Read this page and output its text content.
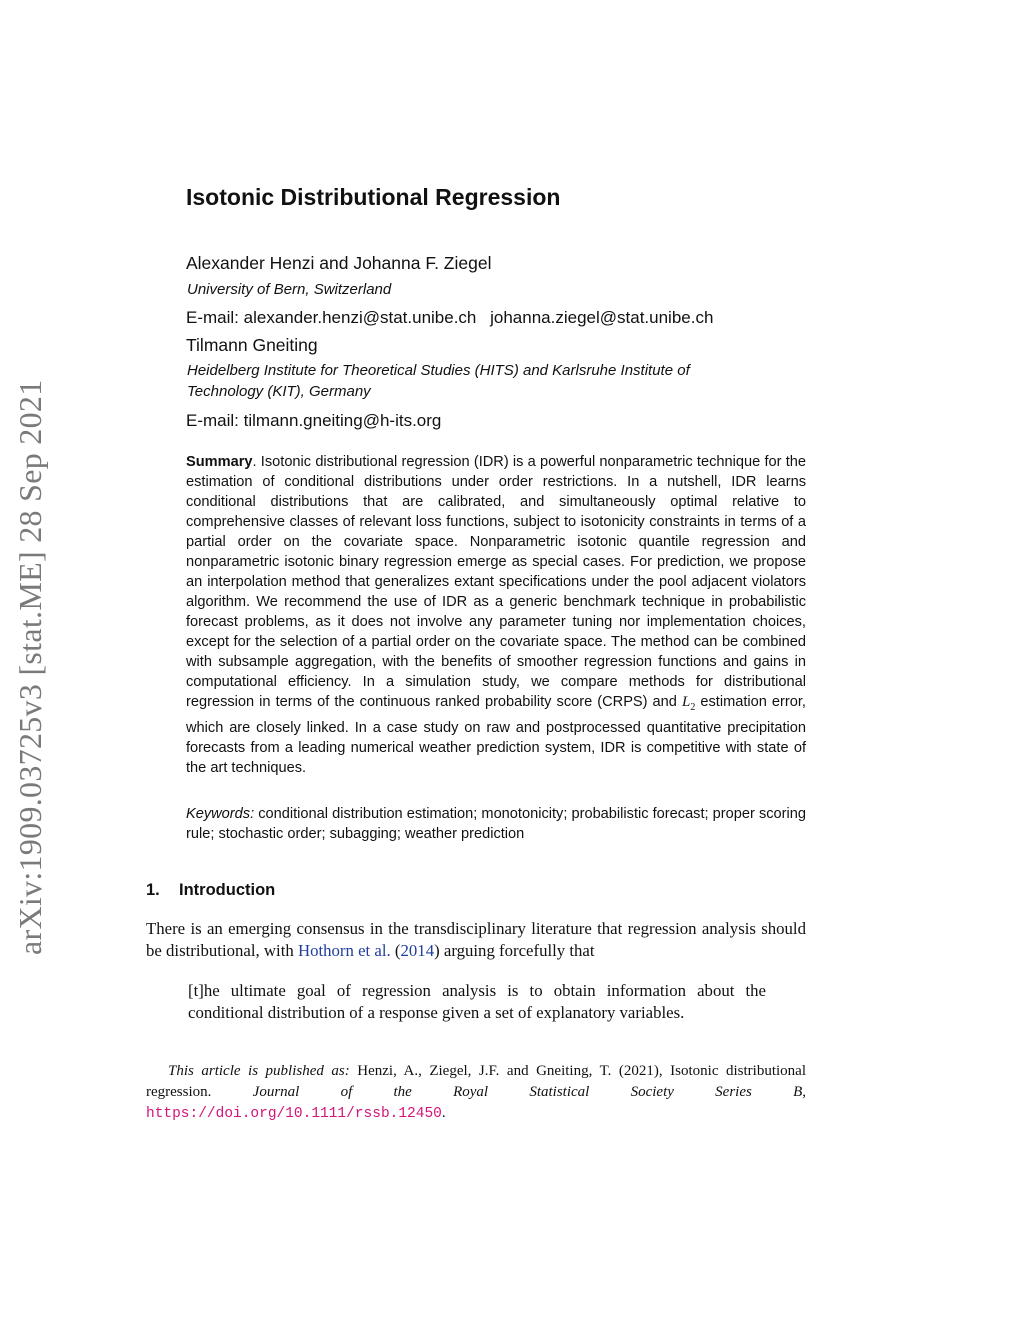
arXiv:1909.03725v3 [stat.ME] 28 Sep 2021
Isotonic Distributional Regression
Alexander Henzi and Johanna F. Ziegel
University of Bern, Switzerland
E-mail: alexander.henzi@stat.unibe.ch johanna.ziegel@stat.unibe.ch
Tilmann Gneiting
Heidelberg Institute for Theoretical Studies (HITS) and Karlsruhe Institute of
Technology (KIT), Germany
E-mail: tilmann.gneiting@h-its.org
Summary. Isotonic distributional regression (IDR) is a powerful nonparametric technique for the estimation of conditional distributions under order restrictions. In a nutshell, IDR learns conditional distributions that are calibrated, and simultaneously optimal relative to comprehensive classes of relevant loss functions, subject to isotonicity constraints in terms of a partial order on the covariate space. Nonparametric isotonic quantile regression and nonparametric isotonic binary regression emerge as special cases. For prediction, we propose an interpolation method that generalizes extant specifications under the pool adjacent violators algorithm. We recommend the use of IDR as a generic benchmark technique in probabilistic forecast problems, as it does not involve any parameter tuning nor implementation choices, except for the selection of a partial order on the covariate space. The method can be combined with subsample aggregation, with the benefits of smoother regression functions and gains in computational efficiency. In a simulation study, we compare methods for distributional regression in terms of the continuous ranked probability score (CRPS) and $L_2$ estimation error, which are closely linked. In a case study on raw and postprocessed quantitative precipitation forecasts from a leading numerical weather prediction system, IDR is competitive with state of the art techniques.
Keywords: conditional distribution estimation; monotonicity; probabilistic forecast; proper scoring rule; stochastic order; subagging; weather prediction
1. Introduction
There is an emerging consensus in the transdisciplinary literature that regression analysis should be distributional, with Hothorn et al. (2014) arguing forcefully that
[t]he ultimate goal of regression analysis is to obtain information about the conditional distribution of a response given a set of explanatory variables.
This article is published as: Henzi, A., Ziegel, J.F. and Gneiting, T. (2021), Isotonic distributional regression.	Journal of the Royal Statistical Society Series B, https://doi.org/10.1111/rssb.12450.
